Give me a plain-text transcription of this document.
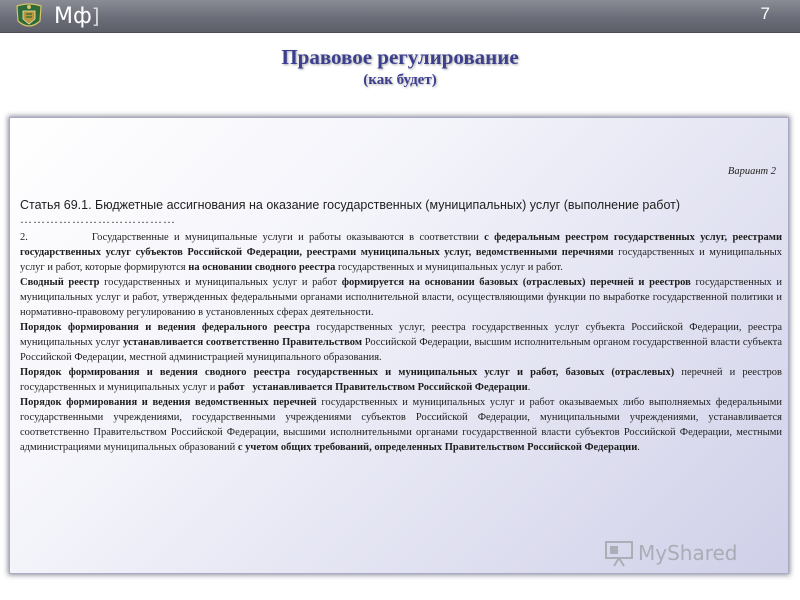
Мф]	7
Правовое регулирование
(как будет)
Вариант 2

Статья 69.1. Бюджетные ассигнования на оказание государственных (муниципальных) услуг (выполнение работ)

………………………………

2.            Государственные и муниципальные услуги и работы оказываются в соответствии с федеральным реестром государственных услуг, реестрами государственных услуг субъектов Российской Федерации, реестрами муниципальных услуг, ведомственными перечнями государственных и муниципальных услуг и работ, которые формируются на основании сводного реестра государственных и муниципальных услуг и работ.

Сводный реестр государственных и муниципальных услуг и работ формируется на основании базовых (отраслевых) перечней и реестров государственных и муниципальных услуг и работ, утвержденных федеральными органами исполнительной власти, осуществляющими функции по выработке государственной политики и нормативно-правовому регулированию в установленных сферах деятельности.

Порядок формирования и ведения федерального реестра государственных услуг, реестра государственных услуг субъекта Российской Федерации, реестра муниципальных услуг устанавливается соответственно Правительством Российской Федерации, высшим исполнительным органом государственной власти субъекта Российской Федерации, местной администрацией муниципального образования.

Порядок формирования и ведения сводного реестра государственных и муниципальных услуг и работ, базовых (отраслевых) перечней и реестров государственных и муниципальных услуг и работ   устанавливается Правительством Российской Федерации.

Порядок формирования и ведения ведомственных перечней государственных и муниципальных услуг и работ оказываемых либо выполняемых федеральными государственными учреждениями, государственными учреждениями субъектов Российской Федерации, муниципальными учреждениями, устанавливается соответственно Правительством Российской Федерации, высшими исполнительными органами государственной власти субъектов Российской Федерации, местными администрациями муниципальных образований с учетом общих требований, определенных Правительством Российской Федерации.

MyShared
